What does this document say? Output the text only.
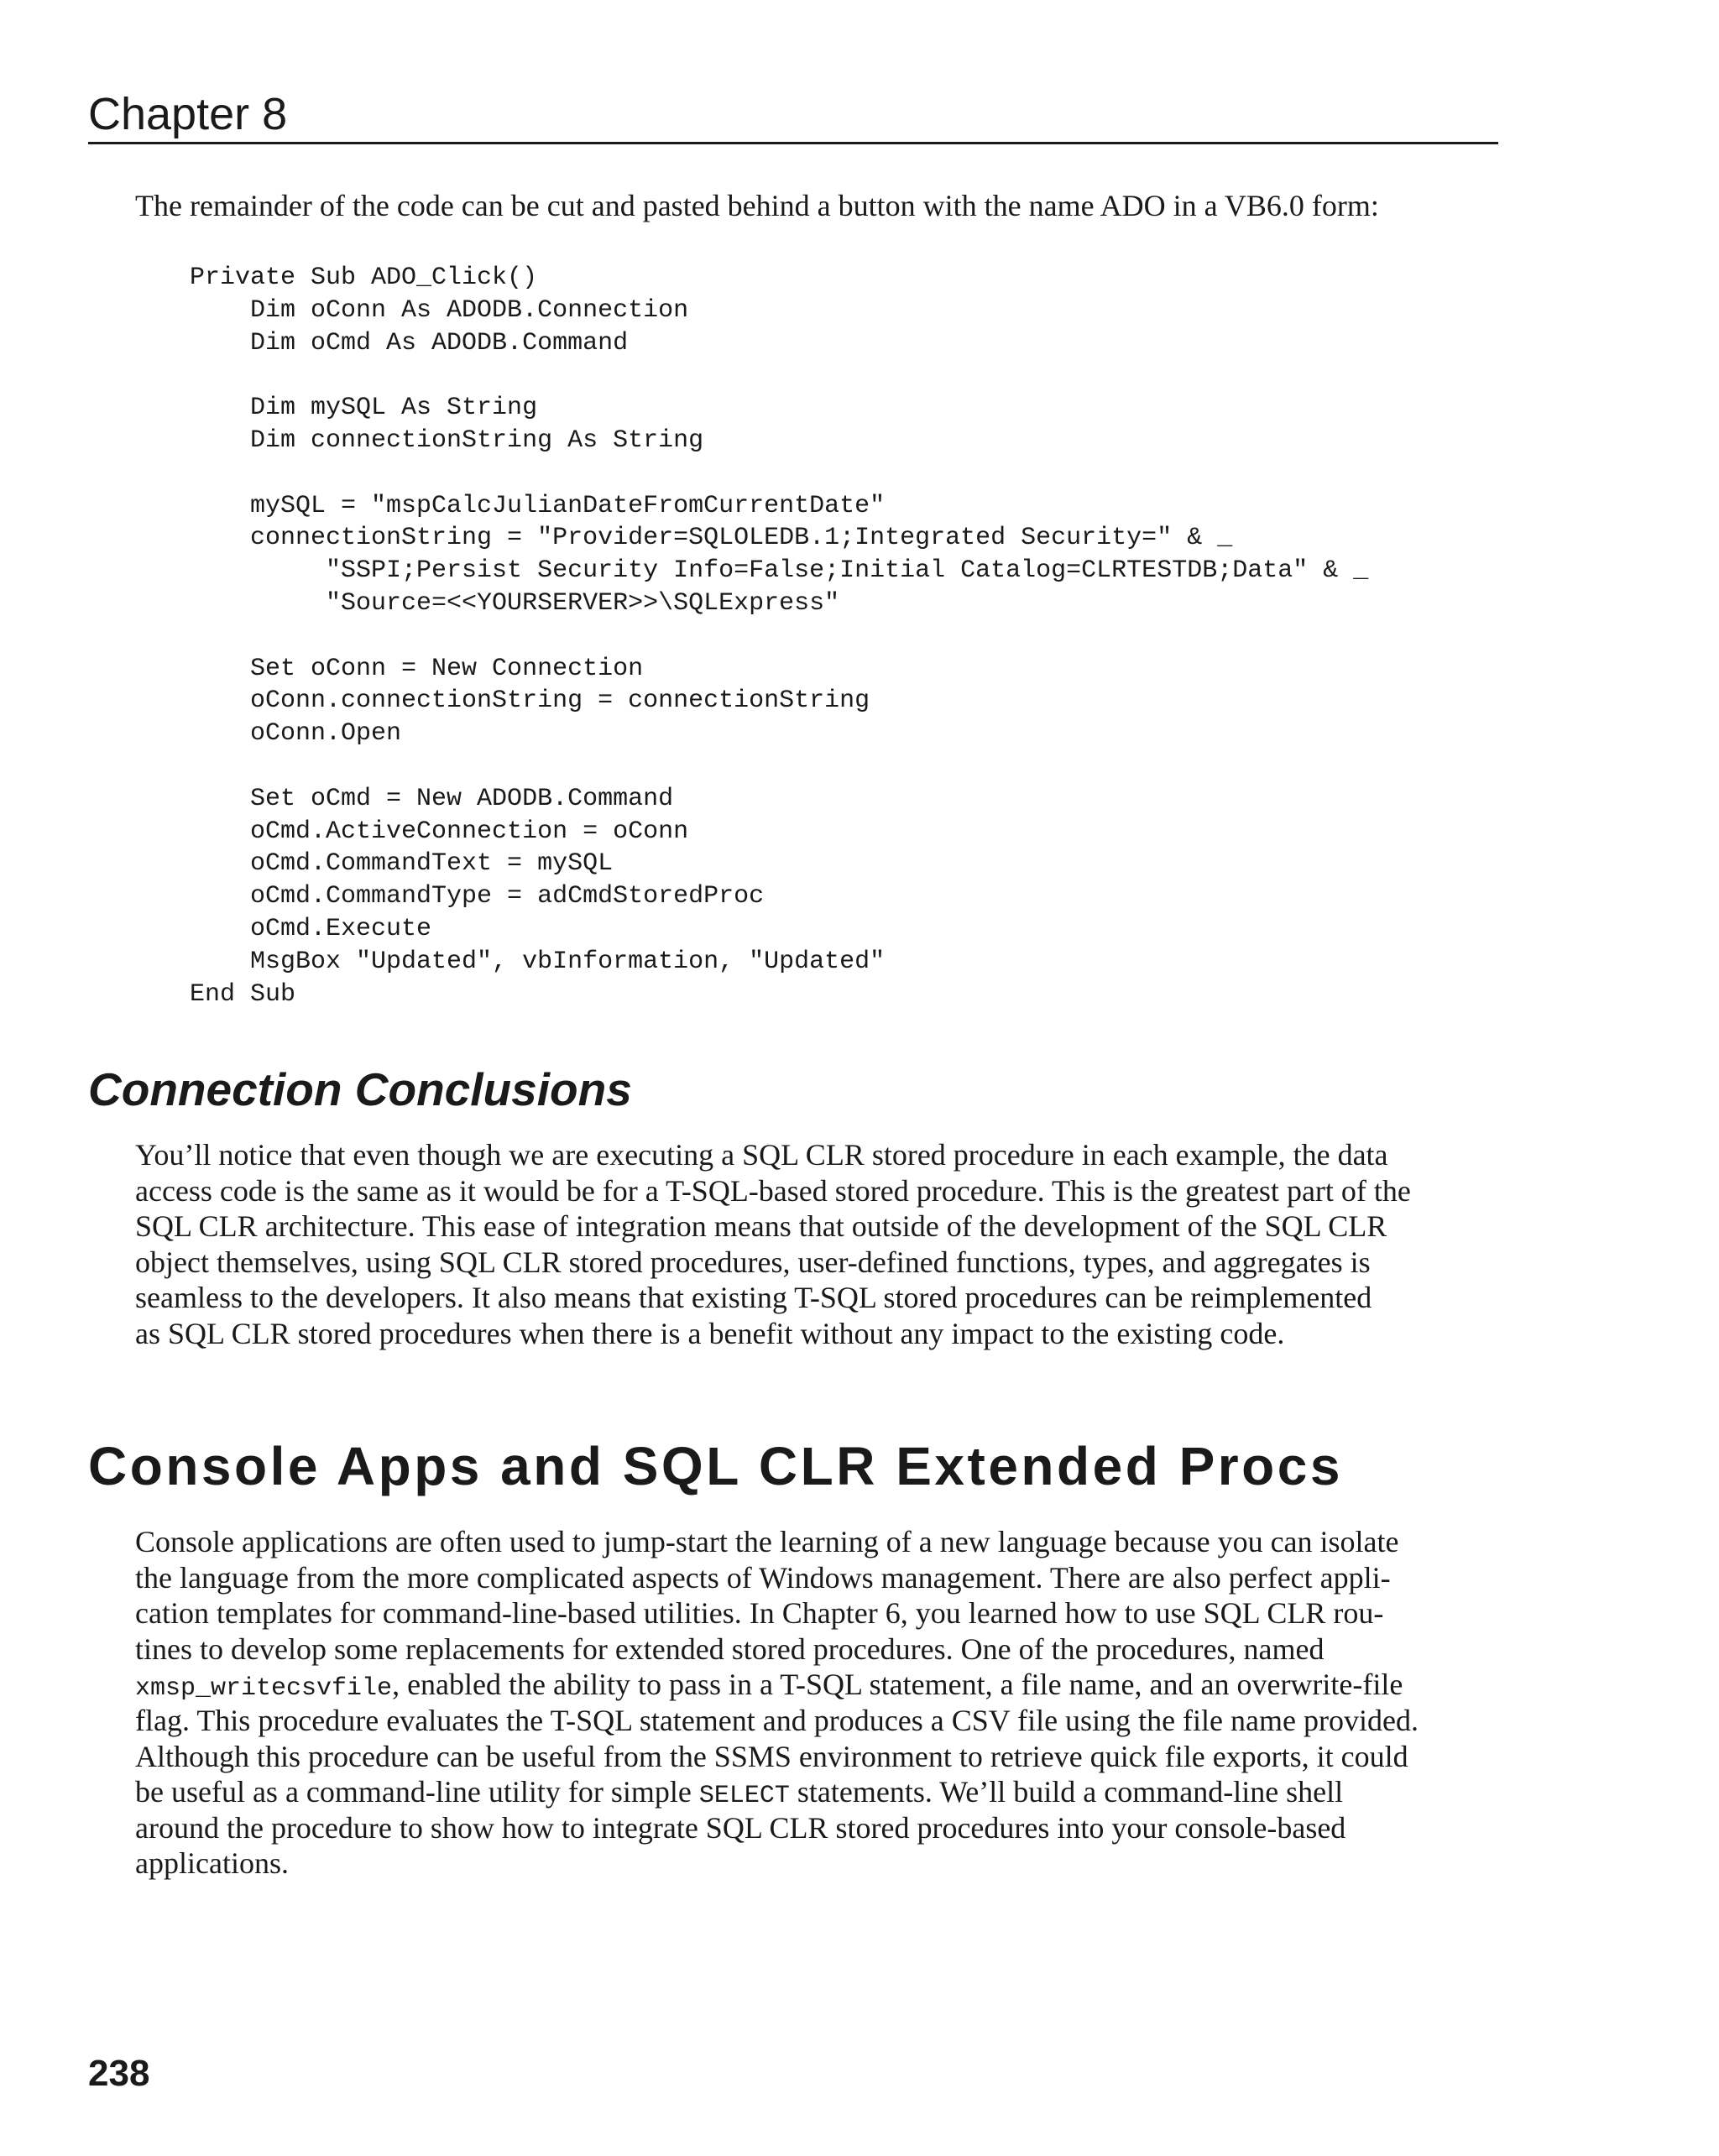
Chapter 8

The remainder of the code can be cut and pasted behind a button with the name ADO in a VB6.0 form:

Private Sub ADO_Click()
Dim oConn As ADODB.Connection
Dim oCmd As ADODB.Command
Dim mySQL As String
Dim connectionString As String
mySQL = "mspCalcJulianDateFromCurrentDate"
connectionString = "Provider=SQLOLEDB.1;Integrated Security=" & _
"SSPI;Persist Security Info=False;Initial Catalog=CLRTESTDB;Data" & _
"Source=<<YOURSERVER>>\SQLExpress"
Set oConn = New Connection
oConn.connectionString = connectionString
oConn.Open
Set oCmd = New ADODB.Command
oCmd.ActiveConnection = oConn
oCmd.CommandText = mySQL
oCmd.CommandType = adCmdStoredProc
oCmd.Execute
MsgBox "Updated", vbInformation, "Updated"
End Sub
Connection Conclusions
You’ll notice that even though we are executing a SQL CLR stored procedure in each example, the data
access code is the same as it would be for a T-SQL-based stored procedure. This is the greatest part of the
SQL CLR architecture. This ease of integration means that outside of the development of the SQL CLR
object themselves, using SQL CLR stored procedures, user-defined functions, types, and aggregates is
seamless to the developers. It also means that existing T-SQL stored procedures can be reimplemented
as SQL CLR stored procedures when there is a benefit without any impact to the existing code.
Console Apps and SQL CLR Extended Procs
Console applications are often used to jump-start the learning of a new language because you can isolate
the language from the more complicated aspects of Windows management. There are also perfect appli-
cation templates for command-line-based utilities. In Chapter 6, you learned how to use SQL CLR rou-
tines to develop some replacements for extended stored procedures. One of the procedures, named
xmsp_writecsvfile, enabled the ability to pass in a T-SQL statement, a file name, and an overwrite-file
flag. This procedure evaluates the T-SQL statement and produces a CSV file using the file name provided.
Although this procedure can be useful from the SSMS environment to retrieve quick file exports, it could
be useful as a command-line utility for simple SELECT statements. We’ll build a command-line shell
around the procedure to show how to integrate SQL CLR stored procedures into your console-based
applications.
238
